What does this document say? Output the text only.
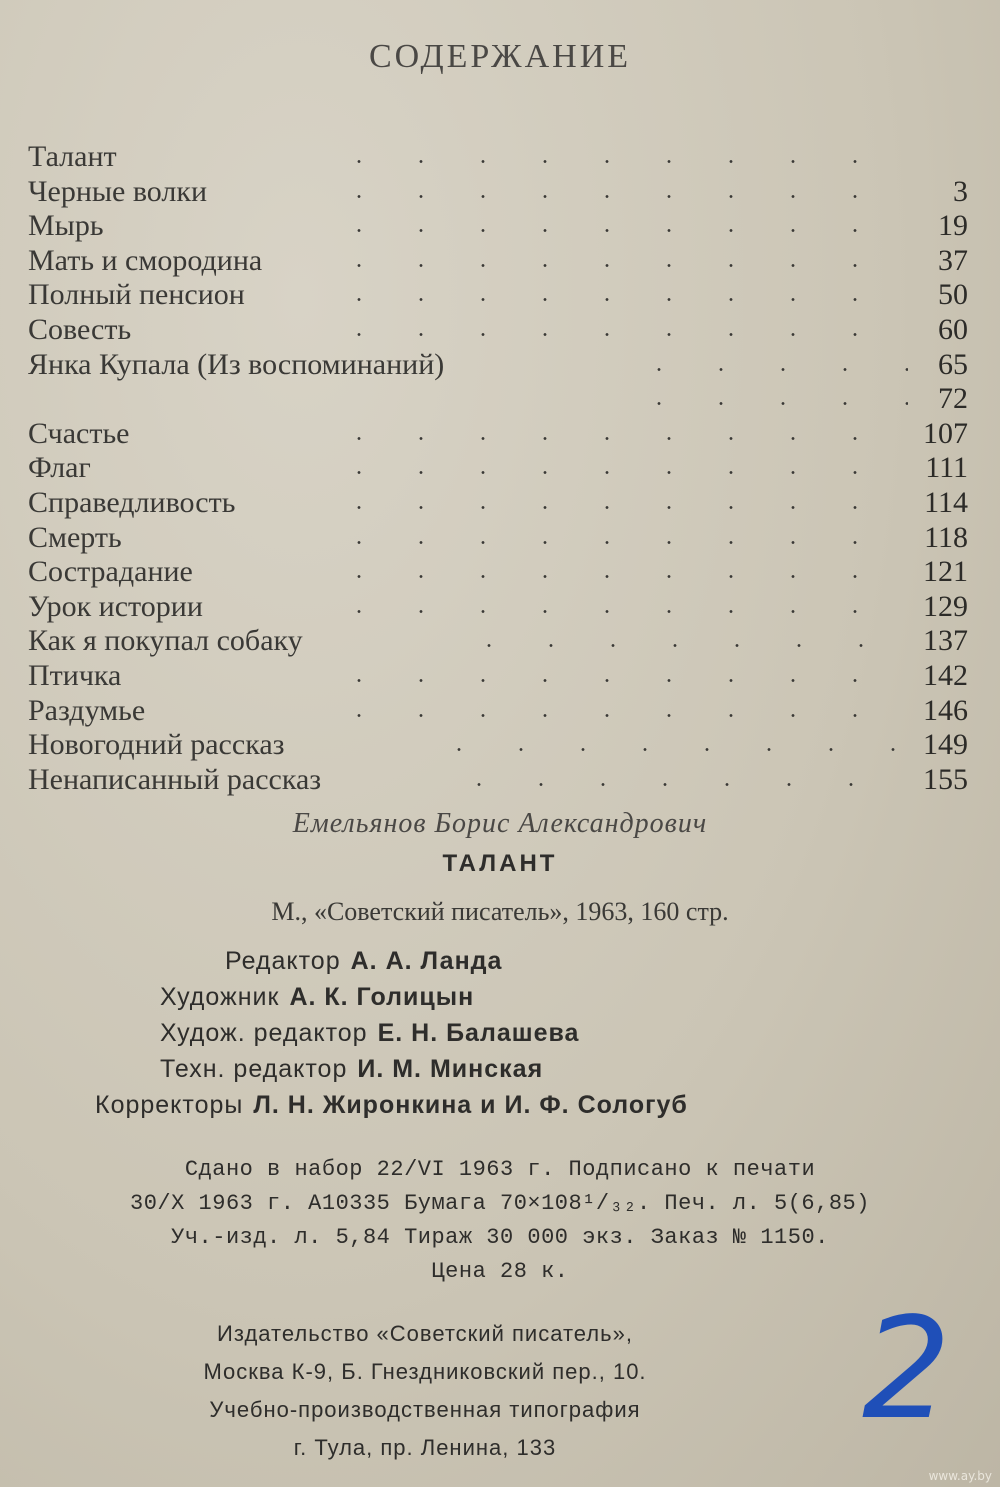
СОДЕРЖАНИЕ
Талант
Черные волки	3
Мырь	19
Мать и смородина	37
Полный пенсион	50
Совесть	60
Янка Купала (Из воспоминаний)	65
72
Счастье	107
Флаг	111
Справедливость	114
Смерть	118
Сострадание	121
Урок истории	129
Как я покупал собаку	137
Птичка	142
Раздумье	146
Новогодний рассказ	149
Ненаписанный рассказ	155
Емельянов Борис Александрович
ТАЛАНТ
М., «Советский писатель», 1963, 160 стр.
Редактор А. А. Ланда
Художник А. К. Голицын
Худож. редактор Е. Н. Балашева
Техн. редактор И. М. Минская
Корректоры Л. Н. Жиронкина и И. Ф. Сологуб
Сдано в набор 22/VI 1963 г. Подписано к печати
30/X 1963 г. А10335 Бумага 70×108¹/₃₂. Печ. л. 5(6,85)
Уч.-изд. л. 5,84 Тираж 30 000 экз. Заказ № 1150.
Цена 28 к.
Издательство «Советский писатель»,
Москва К-9, Б. Гнездниковский пер., 10.
Учебно-производственная типография
г. Тула, пр. Ленина, 133	2
www.ay.by
